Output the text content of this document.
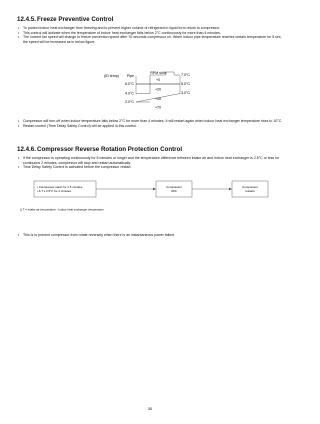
12.4.5.Freeze Preventive Control
•	To protect indoor heat exchanger from freezing and to prevent higher volume of refrigerant in liquid form return to compressor.
•	This control will activate when the temperature of indoor heat exchanger falls below 2°C continuously for more than 4 minutes.
•	The current fan speed will change to freeze prevention speed after 70 seconds compressor on. When indoor pipe temperature reaches certain temperature for 5 sec, the speed will be increased as in below figure.
(ID temp) Pipe
RPM shift
6.0°C
4.0°C
2.0°C
7.0°C
5.0°C
3.0°C
+0
+20
+40
+70
•	Compressor will turn off when indoor temperature falls below 2°C for more than 4 minutes. It will restart again when indoor heat exchanger temperature rises to 10°C.
•	Restart control (Time Delay Safety Control) will be applied in this control.
12.4.6.Compressor Reverse Rotation Protection Control
•	If the compressor is operating continuously for 5 minutes or longer and the temperature difference between intake air and indoor heat exchanger is 2.5°C or less for continuous 2 minutes, compressor will stop and restart automatically.
•	Time Delay Safety Control is activated before the compressor restart.
• Compressor starts for ≥ 5 minutes
• Δ T ≤ 2.5°C for 2 minutes
Compressor
OFF
Compressor
restarts
Δ T = Intake air temperature - Indoor heat exchanger temperature
•	This is to prevent compressor from rotate reversely when there is an instantaneous power failure.
30
